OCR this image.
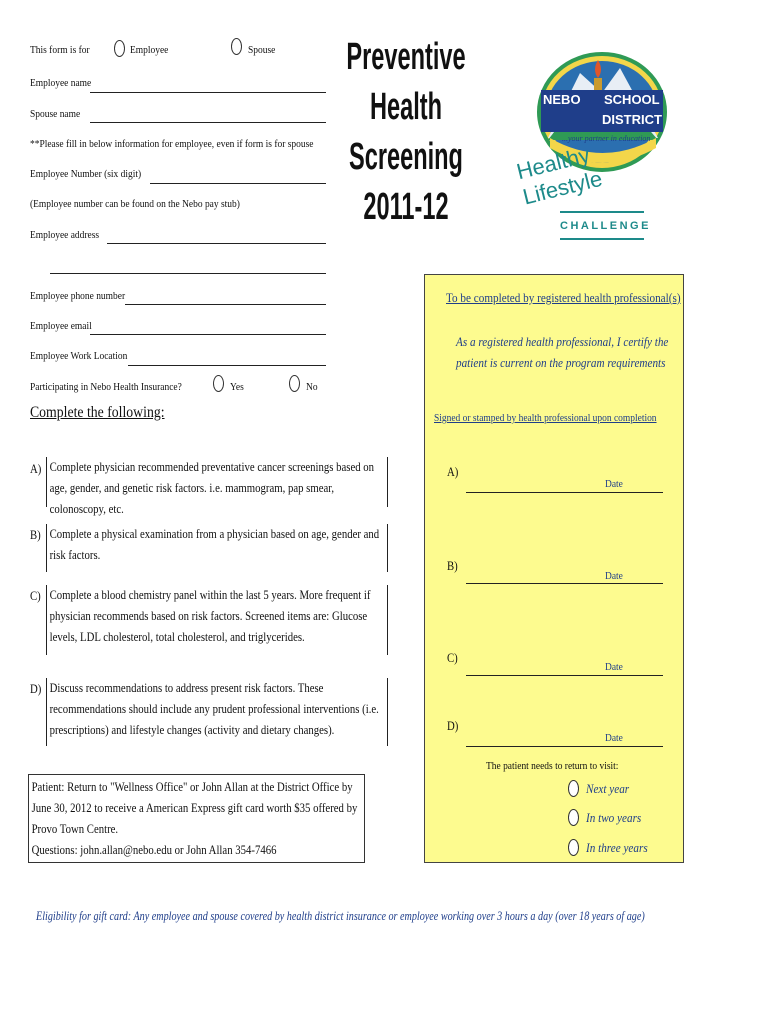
This form is for	Employee	Spouse
Employee name
Spouse name
**Please fill in below information for employee, even if form is for spouse
Employee Number (six digit)
(Employee number can be found on the Nebo pay stub)
Employee address
Employee phone number
Employee email
Employee Work Location
Participating in Nebo Health Insurance?	Yes	No
Preventive
Health
Screening
2011-12
NEBO SCHOOL
DISTRICT
...your partner in education
Healthy Lifestyle
CHALLENGE
Complete the following:
A) Complete physician recommended preventative cancer screenings based on age, gender, and genetic risk factors. i.e. mammogram, pap smear, colonoscopy, etc.
B) Complete a physical examination from a physician based on age, gender and risk factors.
C) Complete a blood chemistry panel within the last 5 years. More frequent if physician recommends based on risk factors. Screened items are: Glucose levels, LDL cholesterol, total cholesterol, and triglycerides.
D) Discuss recommendations to address present risk factors. These recommendations should include any prudent professional interventions (i.e. prescriptions) and lifestyle changes (activity and dietary changes).
Patient: Return to "Wellness Office" or John Allan at the District Office by
June 30, 2012 to receive a American Express gift card worth $35 offered by
Provo Town Centre.
Questions: john.allan@nebo.edu or John Allan 354-7466
To be completed by registered health professional(s)
As a registered health professional, I certify the
patient is current on the program requirements
Signed or stamped by health professional upon completion
A)
Date
B)
Date
C)
Date
D)
Date
The patient needs to return to visit:
Next year
In two years
In three years
Eligibility for gift card: Any employee and spouse covered by health district insurance or employee working over 3 hours a day (over 18 years of age)
